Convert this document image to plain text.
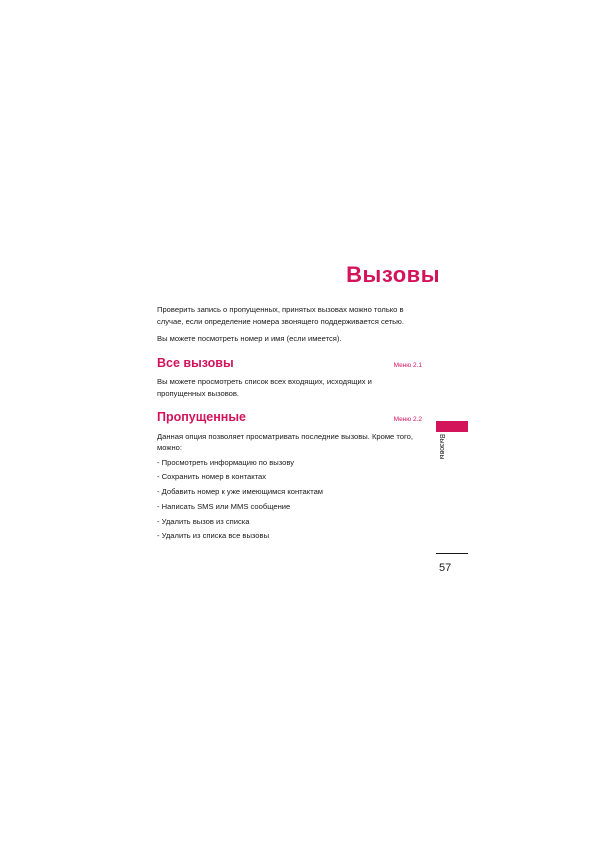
Вызовы

Проверить запись о пропущенных, принятых вызовах можно только в случае, если определение номера звонящего поддерживается сетью.

Вы можете посмотреть номер и имя (если имеется).

Все вызовы	Меню 2.1

Вы можете просмотреть список всех входящих, исходящих и пропущенных вызовов.

Пропущенные	Меню 2.2

Данная опция позволяет просматривать последние вызовы. Кроме того, можно:

- Просмотреть информацию по вызову
- Сохранить номер в контактах
- Добавить номер к уже имеющимся контактам
- Написать SMS или MMS сообщение
- Удалить вызов из списка
- Удалить из списка все вызовы
Вызовы
57
